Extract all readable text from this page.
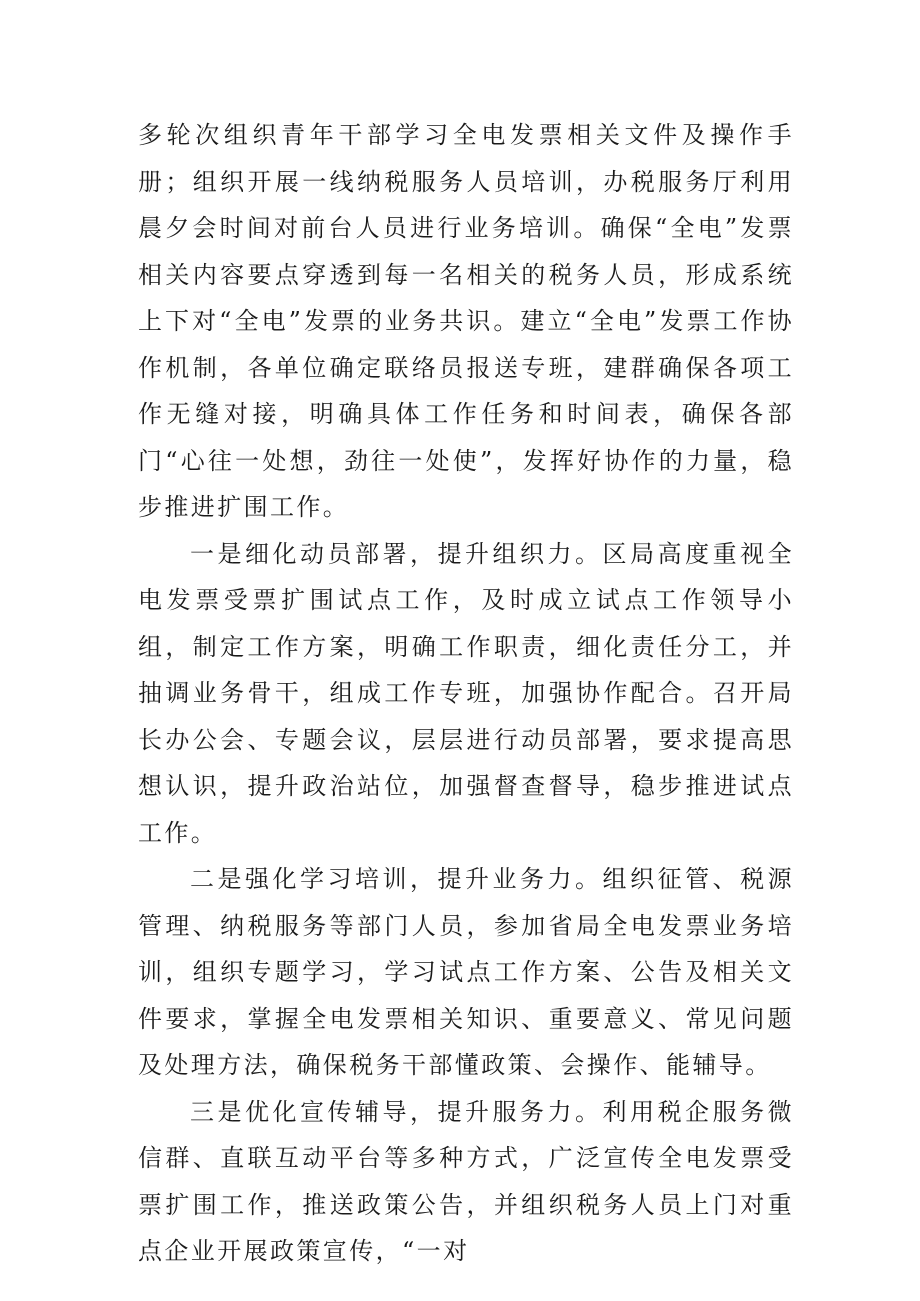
多轮次组织青年干部学习全电发票相关文件及操作手册；组织开展一线纳税服务人员培训，办税服务厅利用晨夕会时间对前台人员进行业务培训。确保“全电”发票相关内容要点穿透到每一名相关的税务人员，形成系统上下对“全电”发票的业务共识。建立“全电”发票工作协作机制，各单位确定联络员报送专班，建群确保各项工作无缝对接，明确具体工作任务和时间表，确保各部门“心往一处想，劲往一处使”，发挥好协作的力量，稳步推进扩围工作。

一是细化动员部署，提升组织力。区局高度重视全电发票受票扩围试点工作，及时成立试点工作领导小组，制定工作方案，明确工作职责，细化责任分工，并抽调业务骨干，组成工作专班，加强协作配合。召开局长办公会、专题会议，层层进行动员部署，要求提高思想认识，提升政治站位，加强督查督导，稳步推进试点工作。

二是强化学习培训，提升业务力。组织征管、税源管理、纳税服务等部门人员，参加省局全电发票业务培训，组织专题学习，学习试点工作方案、公告及相关文件要求，掌握全电发票相关知识、重要意义、常见问题及处理方法，确保税务干部懂政策、会操作、能辅导。

三是优化宣传辅导，提升服务力。利用税企服务微信群、直联互动平台等多种方式，广泛宣传全电发票受票扩围工作，推送政策公告，并组织税务人员上门对重点企业开展政策宣传，“一对
